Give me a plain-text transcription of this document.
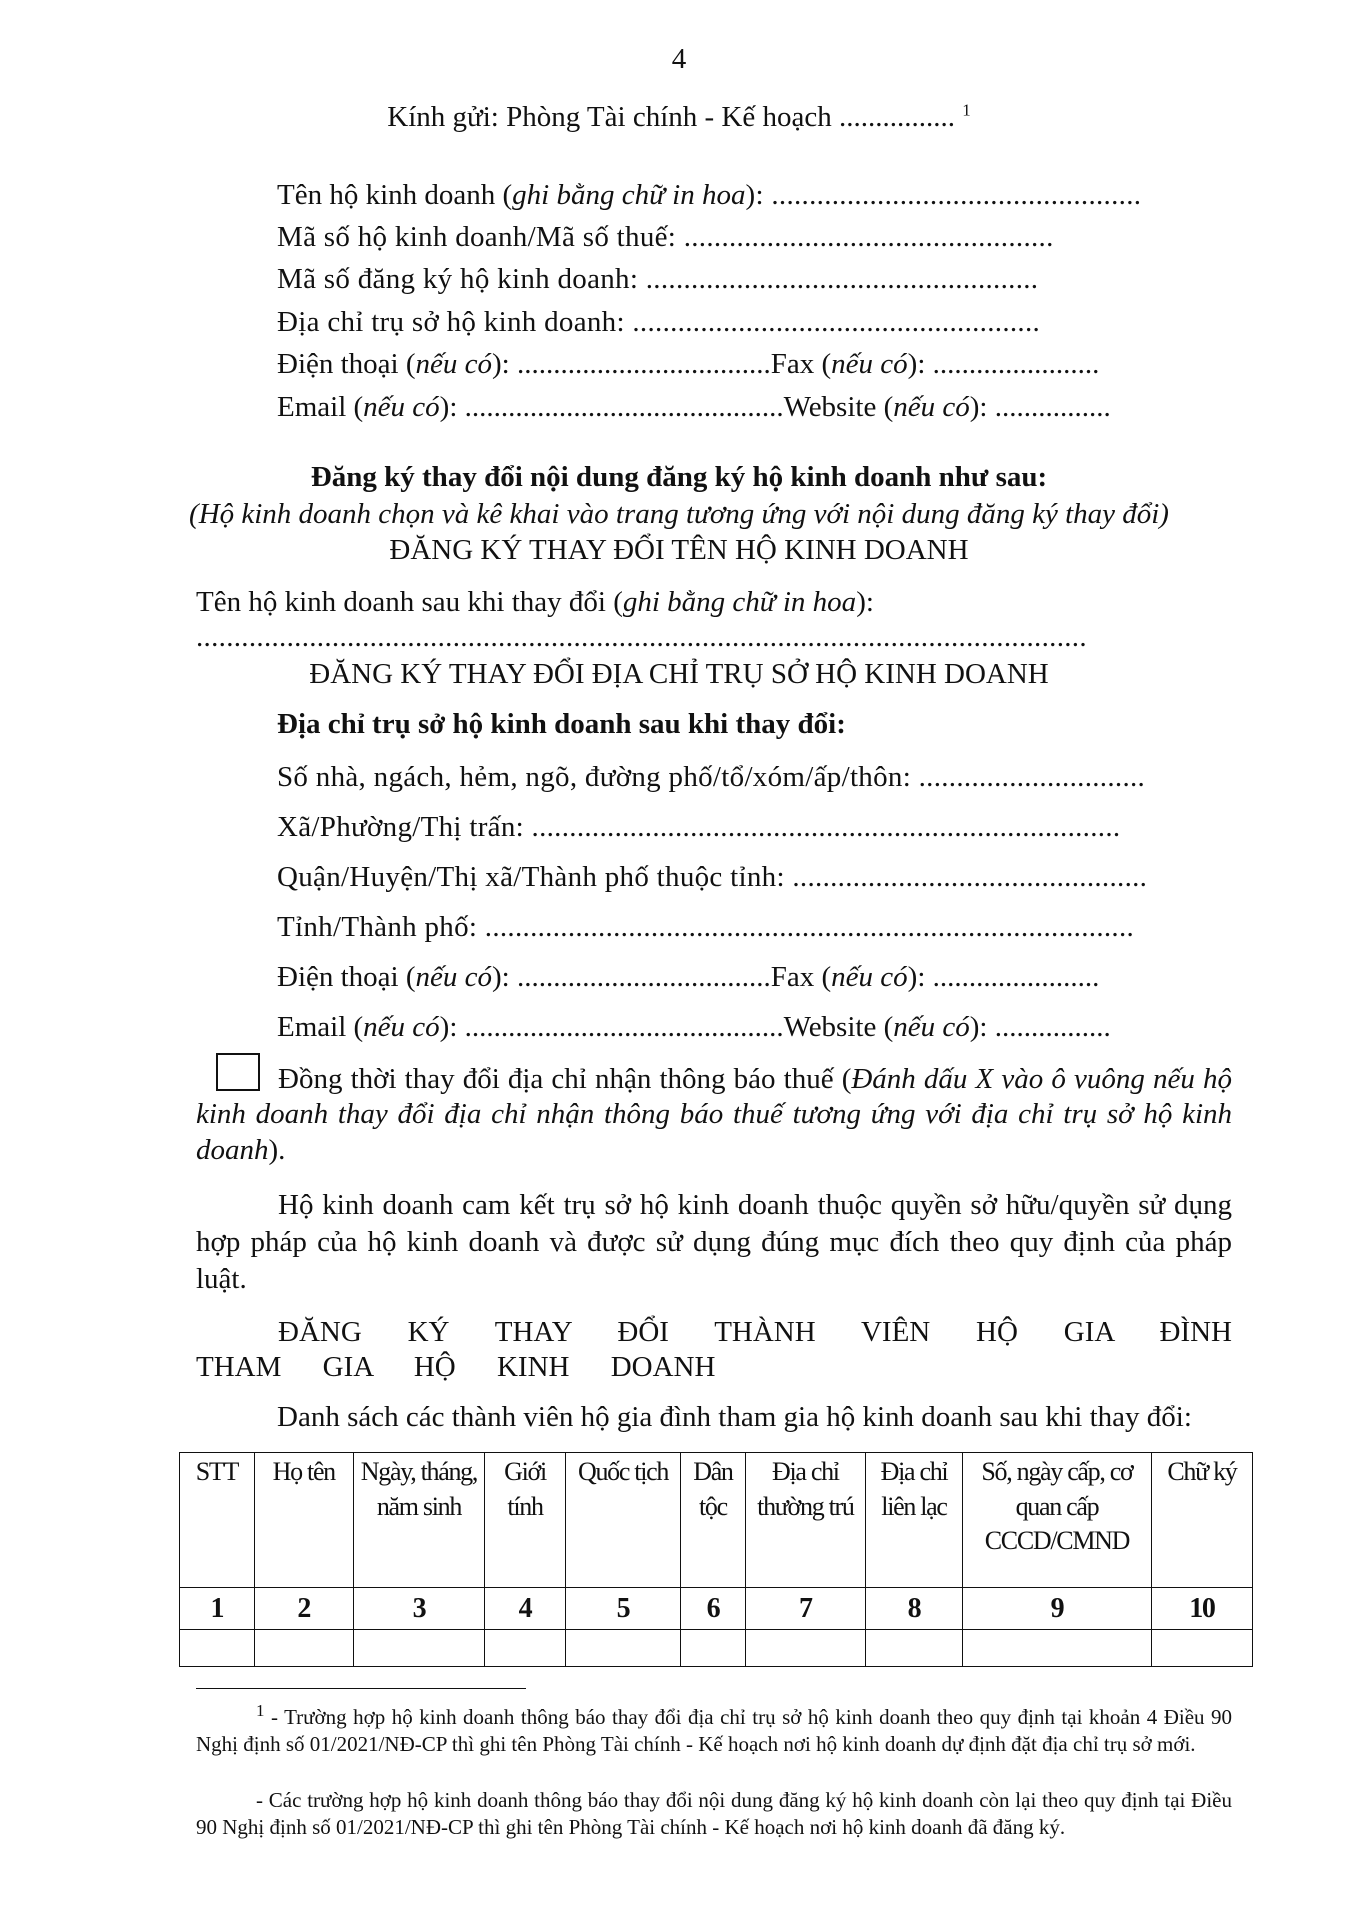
4
Kính gửi: Phòng Tài chính - Kế hoạch ................ $^1$
Tên hộ kinh doanh (ghi bằng chữ in hoa): .................................................
Mã số hộ kinh doanh/Mã số thuế: .................................................
Mã số đăng ký hộ kinh doanh: ....................................................
Địa chỉ trụ sở hộ kinh doanh: ......................................................
Điện thoại (nếu có): ...................................Fax (nếu có): .......................
Email (nếu có): ............................................Website (nếu có): ................
Đăng ký thay đổi nội dung đăng ký hộ kinh doanh như sau:
(Hộ kinh doanh chọn và kê khai vào trang tương ứng với nội dung đăng ký thay đổi)
ĐĂNG KÝ THAY ĐỔI TÊN HỘ KINH DOANH
Tên hộ kinh doanh sau khi thay đổi (ghi bằng chữ in hoa):
......................................................................................................................
ĐĂNG KÝ THAY ĐỔI ĐỊA CHỈ TRỤ SỞ HỘ KINH DOANH
Địa chỉ trụ sở hộ kinh doanh sau khi thay đổi:
Số nhà, ngách, hẻm, ngõ, đường phố/tổ/xóm/ấp/thôn: ..............................
Xã/Phường/Thị trấn: ..............................................................................
Quận/Huyện/Thị xã/Thành phố thuộc tỉnh: ...............................................
Tỉnh/Thành phố: ......................................................................................
Điện thoại (nếu có): ...................................Fax (nếu có): .......................
Email (nếu có): ............................................Website (nếu có): ................
Đồng thời thay đổi địa chỉ nhận thông báo thuế (Đánh dấu X vào ô vuông nếu hộ kinh doanh thay đổi địa chỉ nhận thông báo thuế tương ứng với địa chỉ trụ sở hộ kinh doanh).
Hộ kinh doanh cam kết trụ sở hộ kinh doanh thuộc quyền sở hữu/quyền sử dụng hợp pháp của hộ kinh doanh và được sử dụng đúng mục đích theo quy định của pháp luật.
ĐĂNG KÝ THAY ĐỔI THÀNH VIÊN HỘ GIA ĐÌNH THAM GIA HỘ KINH DOANH
Danh sách các thành viên hộ gia đình tham gia hộ kinh doanh sau khi thay đổi:
STT	Họ tên	Ngày, tháng, năm sinh	Giới tính	Quốc tịch	Dân tộc	Địa chỉ thường trú	Địa chỉ liên lạc	Số, ngày cấp, cơ quan cấp CCCD/CMND	Chữ ký
1	2	3	4	5	6	7	8	9	10

$^1$ - Trường hợp hộ kinh doanh thông báo thay đổi địa chỉ trụ sở hộ kinh doanh theo quy định tại khoản 4 Điều 90 Nghị định số 01/2021/NĐ-CP thì ghi tên Phòng Tài chính - Kế hoạch nơi hộ kinh doanh dự định đặt địa chỉ trụ sở mới.
- Các trường hợp hộ kinh doanh thông báo thay đổi nội dung đăng ký hộ kinh doanh còn lại theo quy định tại Điều 90 Nghị định số 01/2021/NĐ-CP thì ghi tên Phòng Tài chính - Kế hoạch nơi hộ kinh doanh đã đăng ký.
